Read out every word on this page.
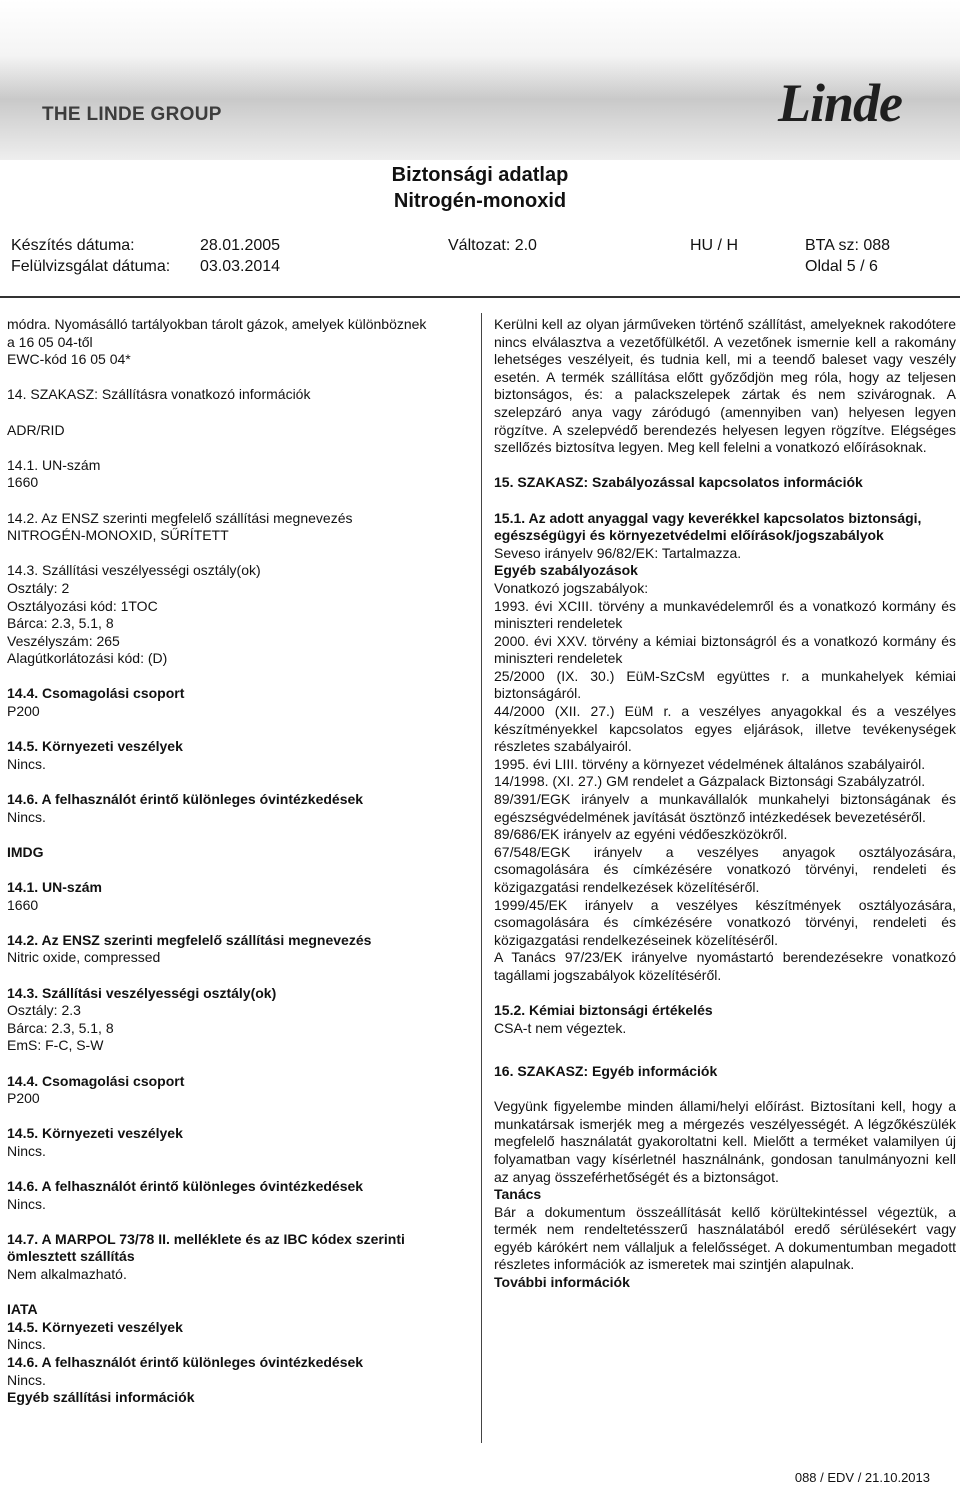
THE LINDE GROUP	Linde
Biztonsági adatlap
Nitrogén-monoxid
Készítés dátuma:	28.01.2005
Felülvizsgálat dátuma: 03.03.2014
Változat: 2.0	HU / H	BTA sz: 088
Oldal 5 / 6

módra. Nyomásálló tartályokban tárolt gázok, amelyek különböznek

a 16 05 04-től

EWC-kód 16 05 04*

14. SZAKASZ: Szállításra vonatkozó információk

ADR/RID

14.1. UN-szám

1660

14.2. Az ENSZ szerinti megfelelő szállítási megnevezés

NITROGÉN-MONOXID, SŰRÍTETT

14.3. Szállítási veszélyességi osztály(ok)

Osztály: 2

Osztályozási kód: 1TOC

Bárca: 2.3, 5.1, 8

Veszélyszám: 265

Alagútkorlátozási kód: (D)

14.4. Csomagolási csoport

P200

14.5. Környezeti veszélyek

Nincs.

14.6. A felhasználót érintő különleges óvintézkedések

Nincs.

IMDG

14.1. UN-szám

1660

14.2. Az ENSZ szerinti megfelelő szállítási megnevezés

Nitric oxide, compressed

14.3. Szállítási veszélyességi osztály(ok)

Osztály: 2.3

Bárca: 2.3, 5.1, 8

EmS: F-C, S-W

14.4. Csomagolási csoport

P200

14.5. Környezeti veszélyek

Nincs.

14.6. A felhasználót érintő különleges óvintézkedések

Nincs.

14.7. A MARPOL 73/78 II. melléklete és az IBC kódex szerinti ömlesztett szállítás

Nem alkalmazható.

IATA

14.5. Környezeti veszélyek

Nincs.

14.6. A felhasználót érintő különleges óvintézkedések

Nincs.

Egyéb szállítási információk

Kerülni kell az olyan járműveken történő szállítást, amelyeknek rakodótere nincs elválasztva a vezetőfülkétől. A vezetőnek ismernie kell a rakomány lehetséges veszélyeit, és tudnia kell, mi a teendő baleset vagy veszély esetén. A termék szállítása előtt győződjön meg róla, hogy az teljesen biztonságos, és: a palackszelepek zártak és nem szivárognak. A szelepzáró anya vagy záródugó (amennyiben van) helyesen legyen rögzítve. A szelepvédő berendezés helyesen legyen rögzítve. Elégséges szellőzés biztosítva legyen. Meg kell felelni a vonatkozó előírásoknak.

15. SZAKASZ: Szabályozással kapcsolatos információk

15.1. Az adott anyaggal vagy keverékkel kapcsolatos biztonsági, egészségügyi és környezetvédelmi előírások/jogszabályok

Seveso irányelv 96/82/EK: Tartalmazza.

Egyéb szabályozások

Vonatkozó jogszabályok:

1993. évi XCIII. törvény a munkavédelemről és a vonatkozó kormány és miniszteri rendeletek

2000. évi XXV. törvény a kémiai biztonságról és a vonatkozó kormány és miniszteri rendeletek

25/2000 (IX. 30.) EüM-SzCsM együttes r. a munkahelyek kémiai biztonságáról.

44/2000 (XII. 27.) EüM r. a veszélyes anyagokkal és a veszélyes készítményekkel kapcsolatos egyes eljárások, illetve tevékenységek részletes szabályairól.

1995. évi LIII. törvény a környezet védelmének általános szabályairól.

14/1998. (XI. 27.) GM rendelet a Gázpalack Biztonsági Szabályzatról.

89/391/EGK irányelv a munkavállalók munkahelyi biztonságának és egészségvédelmének javítását ösztönző intézkedések bevezetéséről.

89/686/EK irányelv az egyéni védőeszközökről.

67/548/EGK irányelv a veszélyes anyagok osztályozására, csomagolására és címkézésére vonatkozó törvényi, rendeleti és közigazgatási rendelkezések közelítéséről.

1999/45/EK irányelv a veszélyes készítmények osztályozására, csomagolására és címkézésére vonatkozó törvényi, rendeleti és közigazgatási rendelkezéseinek közelítéséről.

A Tanács 97/23/EK irányelve nyomástartó berendezésekre vonatkozó tagállami jogszabályok közelítéséről.

15.2. Kémiai biztonsági értékelés

CSA-t nem végeztek.

16. SZAKASZ: Egyéb információk

Vegyünk figyelembe minden állami/helyi előírást. Biztosítani kell, hogy a munkatársak ismerjék meg a mérgezés veszélyességét. A légzőkészülék megfelelő használatát gyakoroltatni kell. Mielőtt a terméket valamilyen új folyamatban vagy kísérletnél használnánk, gondosan tanulmányozni kell az anyag összeférhetőségét és a biztonságot.

Tanács

Bár a dokumentum összeállítását kellő körültekintéssel végeztük, a termék nem rendeltetésszerű használatából eredő sérülésekért vagy egyéb kárókért nem vállaljuk a felelősséget. A dokumentumban megadott részletes információk az ismeretek mai szintjén alapulnak.

További információk

088 / EDV / 21.10.2013
